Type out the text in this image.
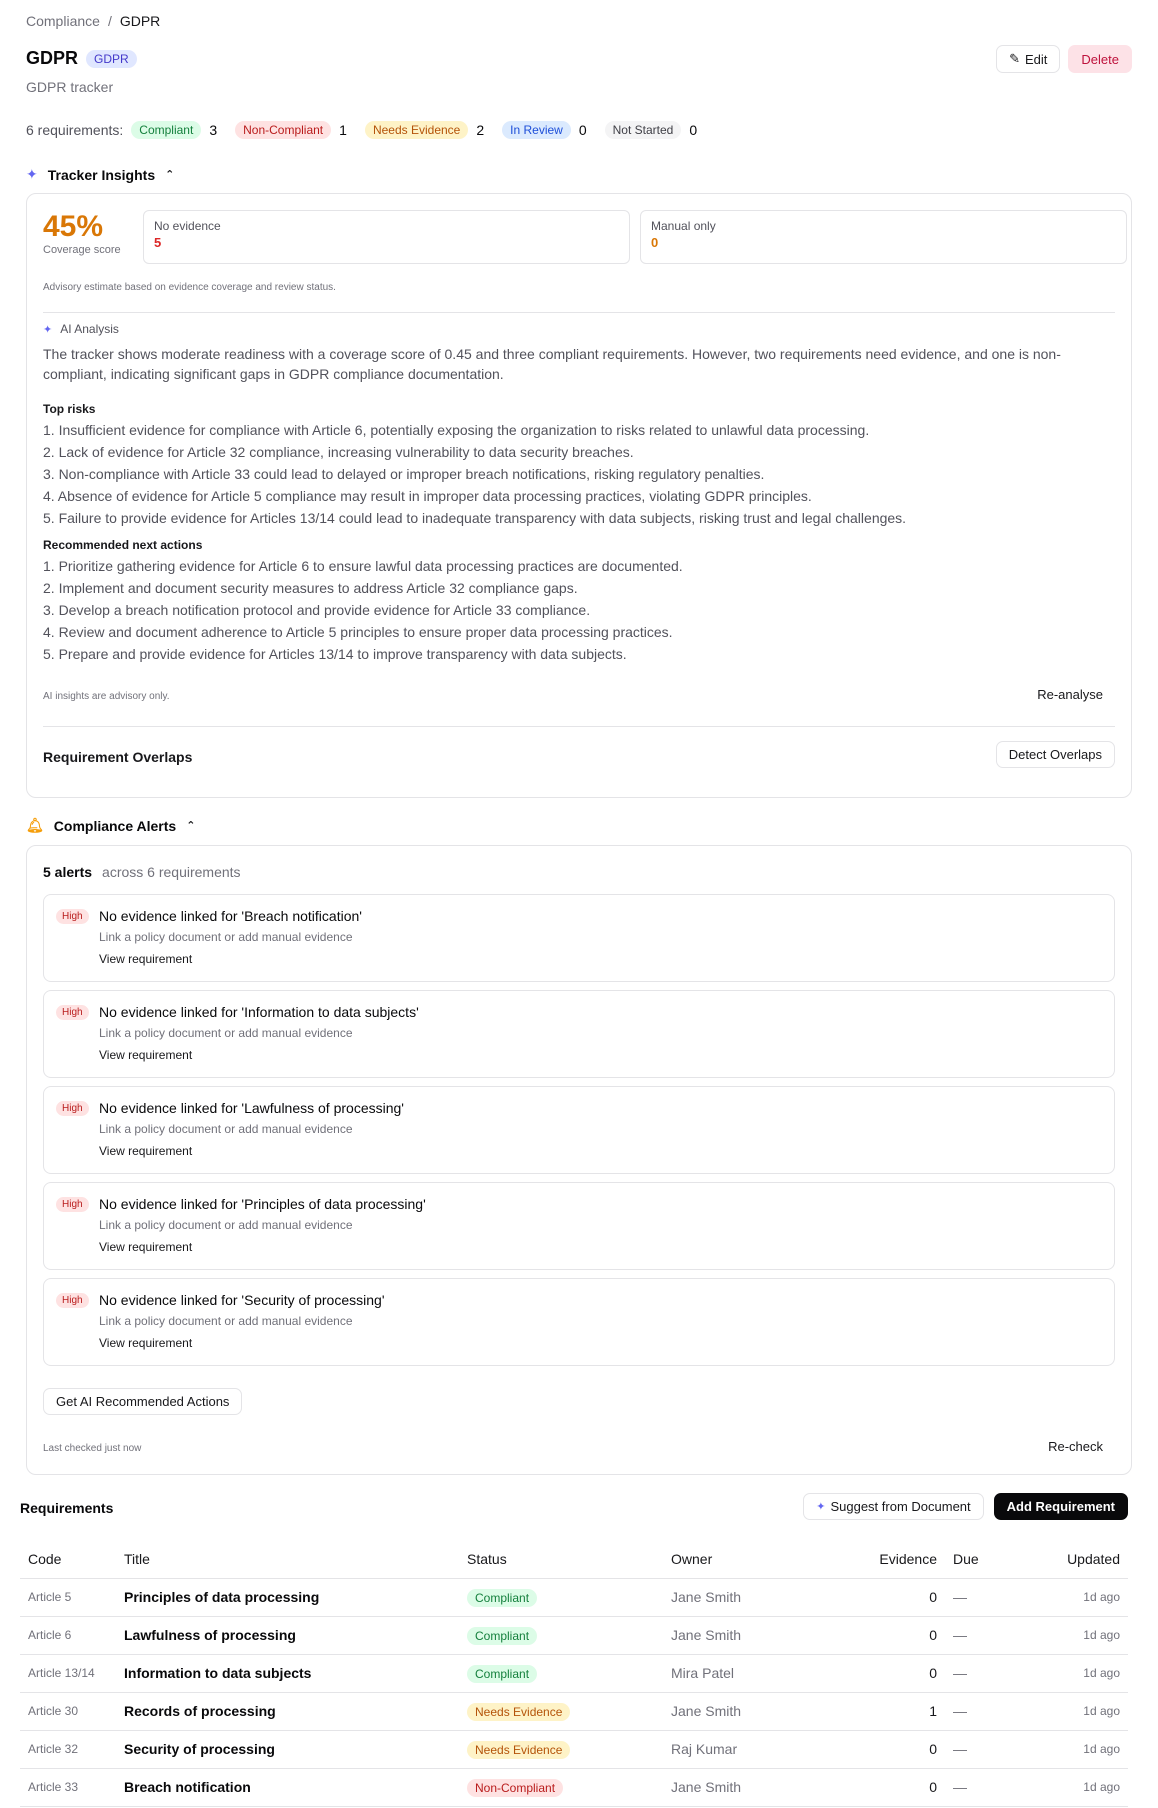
Compliance / GDPR
GDPR	GDPR	✎ Edit	Delete
GDPR tracker
6 requirements:	Compliant	3	Non-Compliant	1	Needs Evidence	2	In Review	0	Not Started	0
✦ Tracker Insights ⌃
45%
Coverage score
No evidence
5
Manual only
0
Advisory estimate based on evidence coverage and review status.
✦ AI Analysis
The tracker shows moderate readiness with a coverage score of 0.45 and three compliant requirements. However, two requirements need evidence, and one is non-compliant, indicating significant gaps in GDPR compliance documentation.
Top risks
1. Insufficient evidence for compliance with Article 6, potentially exposing the organization to risks related to unlawful data processing.
2. Lack of evidence for Article 32 compliance, increasing vulnerability to data security breaches.
3. Non-compliance with Article 33 could lead to delayed or improper breach notifications, risking regulatory penalties.
4. Absence of evidence for Article 5 compliance may result in improper data processing practices, violating GDPR principles.
5. Failure to provide evidence for Articles 13/14 could lead to inadequate transparency with data subjects, risking trust and legal challenges.
Recommended next actions
1. Prioritize gathering evidence for Article 6 to ensure lawful data processing practices are documented.
2. Implement and document security measures to address Article 32 compliance gaps.
3. Develop a breach notification protocol and provide evidence for Article 33 compliance.
4. Review and document adherence to Article 5 principles to ensure proper data processing practices.
5. Prepare and provide evidence for Articles 13/14 to improve transparency with data subjects.
AI insights are advisory only.	Re-analyse
Requirement Overlaps	Detect Overlaps
🔔︎ Compliance Alerts ⌃
5 alerts across 6 requirements
High	No evidence linked for 'Breach notification'
Link a policy document or add manual evidence
View requirement
High	No evidence linked for 'Information to data subjects'
Link a policy document or add manual evidence
View requirement
High	No evidence linked for 'Lawfulness of processing'
Link a policy document or add manual evidence
View requirement
High	No evidence linked for 'Principles of data processing'
Link a policy document or add manual evidence
View requirement
High	No evidence linked for 'Security of processing'
Link a policy document or add manual evidence
View requirement
Get AI Recommended Actions
Last checked just now	Re-check
Requirements	✦ Suggest from Document	Add Requirement
Code	Title	Status	Owner	Evidence	Due	Updated
Article 5	Principles of data processing	Compliant	Jane Smith	0	—	1d ago
Article 6	Lawfulness of processing	Compliant	Jane Smith	0	—	1d ago
Article 13/14	Information to data subjects	Compliant	Mira Patel	0	—	1d ago
Article 30	Records of processing	Needs Evidence	Jane Smith	1	—	1d ago
Article 32	Security of processing	Needs Evidence	Raj Kumar	0	—	1d ago
Article 33	Breach notification	Non-Compliant	Jane Smith	0	—	1d ago
